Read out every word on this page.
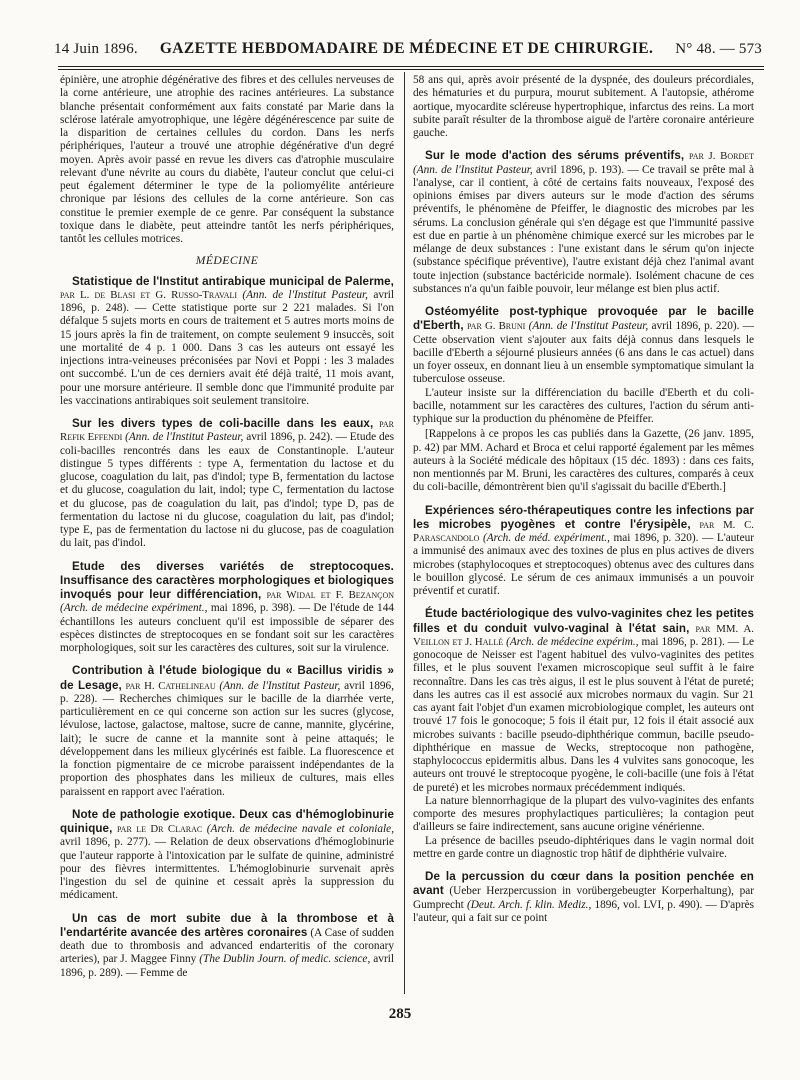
14 Juin 1896. GAZETTE HEBDOMADAIRE DE MÉDECINE ET DE CHIRURGIE. N° 48. — 573

épinière, une atrophie dégénérative des fibres et des cellules nerveuses de la corne antérieure, une atrophie des racines antérieures. La substance blanche présentait conformément aux faits constaté par Marie dans la sclérose latérale amyotrophique, une légère dégénérescence par suite de la disparition de certaines cellules du cordon. Dans les nerfs périphériques, l'auteur a trouvé une atrophie dégénérative d'un degré moyen. Après avoir passé en revue les divers cas d'atrophie musculaire relevant d'une névrite au cours du diabète, l'auteur conclut que celui-ci peut également déterminer le type de la poliomyélite antérieure chronique par lésions des cellules de la corne antérieure. Son cas constitue le premier exemple de ce genre. Par conséquent la substance toxique dans le diabète, peut atteindre tantôt les nerfs périphériques, tantôt les cellules motrices.

MÉDECINE

Statistique de l'Institut antirabique municipal de Palerme, par L. de Blasi et G. Russo-Travali (Ann. de l'Institut Pasteur, avril 1896, p. 248). — Cette statistique porte sur 2 221 malades. Si l'on défalque 5 sujets morts en cours de traitement et 5 autres morts moins de 15 jours après la fin de traitement, on compte seulement 9 insuccès, soit une mortalité de 4 p. 1 000. Dans 3 cas les auteurs ont essayé les injections intra-veineuses préconisées par Novi et Poppi : les 3 malades ont succombé. L'un de ces derniers avait été déjà traité, 11 mois avant, pour une morsure antérieure. Il semble donc que l'immunité produite par les vaccinations antirabiques soit seulement transitoire.

Sur les divers types de coli-bacille dans les eaux, par Refik Effendi (Ann. de l'Institut Pasteur, avril 1896, p. 242). — Etude des coli-bacilles rencontrés dans les eaux de Constantinople. L'auteur distingue 5 types différents : type A, fermentation du lactose et du glucose, coagulation du lait, pas d'indol; type B, fermentation du lactose et du glucose, coagulation du lait, indol; type C, fermentation du lactose et du glucose, pas de coagulation du lait, pas d'indol; type D, pas de fermentation du lactose ni du glucose, coagulation du lait, pas d'indol; type E, pas de fermentation du lactose ni du glucose, pas de coagulation du lait, pas d'indol.

Etude des diverses variétés de streptocoques. Insuffisance des caractères morphologiques et biologiques invoqués pour leur différenciation, par Widal et F. Bezançon (Arch. de médecine expériment., mai 1896, p. 398). — De l'étude de 144 échantillons les auteurs concluent qu'il est impossible de séparer des espèces distinctes de streptocoques en se fondant soit sur les caractères morphologiques, soit sur les caractères des cultures, soit sur la virulence.

Contribution à l'étude biologique du « Bacillus viridis » de Lesage, par H. Cathelineau (Ann. de l'Institut Pasteur, avril 1896, p. 228). — Recherches chimiques sur le bacille de la diarrhée verte, particulièrement en ce qui concerne son action sur les sucres (glycose, lévulose, lactose, galactose, maltose, sucre de canne, mannite, glycérine, lait); le sucre de canne et la mannite sont à peine attaqués; le développement dans les milieux glycérinés est faible. La fluorescence et la fonction pigmentaire de ce microbe paraissent indépendantes de la proportion des phosphates dans les milieux de cultures, mais elles paraissent en rapport avec l'aération.

Note de pathologie exotique. Deux cas d'hémoglobinurie quinique, par le Dr Clarac (Arch. de médecine navale et coloniale, avril 1896, p. 277). — Relation de deux observations d'hémoglobinurie que l'auteur rapporte à l'intoxication par le sulfate de quinine, administré pour des fièvres intermittentes. L'hémoglobinurie survenait après l'ingestion du sel de quinine et cessait après la suppression du médicament.

Un cas de mort subite due à la thrombose et à l'endartérite avancée des artères coronaires (A Case of sudden death due to thrombosis and advanced endarteritis of the coronary arteries), par J. Maggee Finny (The Dublin Journ. of medic. science, avril 1896, p. 289). — Femme de

58 ans qui, après avoir présenté de la dyspnée, des douleurs précordiales, des hématuries et du purpura, mourut subitement. A l'autopsie, athérome aortique, myocardite scléreuse hypertrophique, infarctus des reins. La mort subite paraît résulter de la thrombose aiguë de l'artère coronaire antérieure gauche.

Sur le mode d'action des sérums préventifs, par J. Bordet (Ann. de l'Institut Pasteur, avril 1896, p. 193). — Ce travail se prête mal à l'analyse, car il contient, à côté de certains faits nouveaux, l'exposé des opinions émises par divers auteurs sur le mode d'action des sérums préventifs, le phénomène de Pfeiffer, le diagnostic des microbes par les sérums. La conclusion générale qui s'en dégage est que l'immunité passive est due en partie à un phénomène chimique exercé sur les microbes par le mélange de deux substances : l'une existant dans le sérum qu'on injecte (substance spécifique préventive), l'autre existant déjà chez l'animal avant toute injection (substance bactéricide normale). Isolément chacune de ces substances n'a qu'un faible pouvoir, leur mélange est bien plus actif.

Ostéomyélite post-typhique provoquée par le bacille d'Eberth, par G. Bruni (Ann. de l'Institut Pasteur, avril 1896, p. 220). — Cette observation vient s'ajouter aux faits déjà connus dans lesquels le bacille d'Eberth a séjourné plusieurs années (6 ans dans le cas actuel) dans un foyer osseux, en donnant lieu à un ensemble symptomatique simulant la tuberculose osseuse.

L'auteur insiste sur la différenciation du bacille d'Eberth et du coli-bacille, notamment sur les caractères des cultures, l'action du sérum anti-typhique sur la production du phénomène de Pfeiffer.

[Rappelons à ce propos les cas publiés dans la Gazette, (26 janv. 1895, p. 42) par MM. Achard et Broca et celui rapporté également par les mêmes auteurs à la Société médicale des hôpitaux (15 déc. 1893) : dans ces faits, non mentionnés par M. Bruni, les caractères des cultures, comparés à ceux du coli-bacille, démontrèrent bien qu'il s'agissait du bacille d'Eberth.]

Expériences séro-thérapeutiques contre les infections par les microbes pyogènes et contre l'érysipèle, par M. C. Parascandolo (Arch. de méd. expériment., mai 1896, p. 320). — L'auteur a immunisé des animaux avec des toxines de plus en plus actives de divers microbes (staphylocoques et streptocoques) obtenus avec des cultures dans le bouillon glycosé. Le sérum de ces animaux immunisés a un pouvoir préventif et curatif.

Étude bactériologique des vulvo-vaginites chez les petites filles et du conduit vulvo-vaginal à l'état sain, par MM. A. Veillon et J. Hallé (Arch. de médecine expérim., mai 1896, p. 281). — Le gonocoque de Neisser est l'agent habituel des vulvo-vaginites des petites filles, et le plus souvent l'examen microscopique seul suffit à le faire reconnaître. Dans les cas très aigus, il est le plus souvent à l'état de pureté; dans les autres cas il est associé aux microbes normaux du vagin. Sur 21 cas ayant fait l'objet d'un examen microbiologique complet, les auteurs ont trouvé 17 fois le gonocoque; 5 fois il était pur, 12 fois il était associé aux microbes suivants : bacille pseudo-diphthérique commun, bacille pseudo-diphthérique en massue de Wecks, streptocoque non pathogène, staphylococcus epidermitis albus. Dans les 4 vulvites sans gonocoque, les auteurs ont trouvé le streptocoque pyogène, le coli-bacille (une fois à l'état de pureté) et les microbes normaux précédemment indiqués.

La nature blennorrhagique de la plupart des vulvo-vaginites des enfants comporte des mesures prophylactiques particulières; la contagion peut d'ailleurs se faire indirectement, sans aucune origine vénérienne.

La présence de bacilles pseudo-diphtériques dans le vagin normal doit mettre en garde contre un diagnostic trop hâtif de diphthérie vulvaire.

De la percussion du cœur dans la position penchée en avant (Ueber Herzpercussion in vorübergebeugter Korperhaltung), par Gumprecht (Deut. Arch. f. klin. Mediz., 1896, vol. LVI, p. 490). — D'après l'auteur, qui a fait sur ce point

285
